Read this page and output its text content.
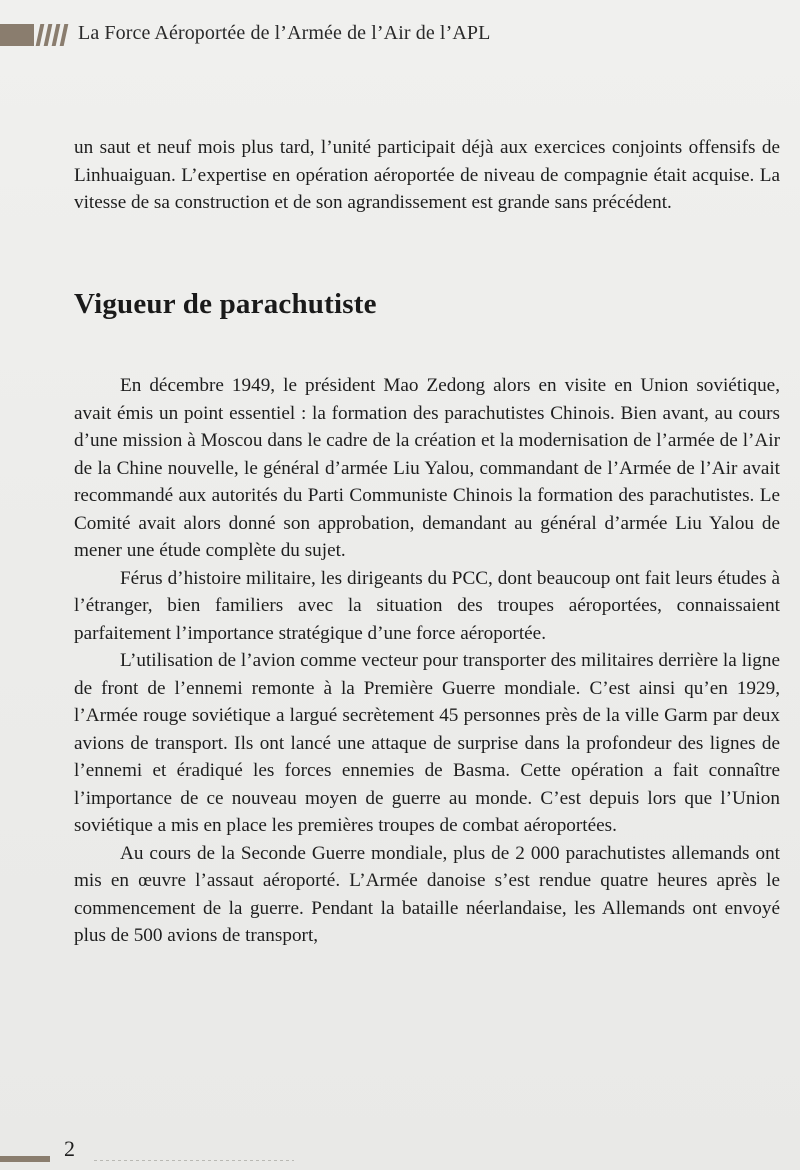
La Force Aéroportée de l’Armée de l’Air de l’APL

un saut et neuf mois plus tard, l’unité participait déjà aux exercices conjoints offensifs de Linhuaiguan. L’expertise en opération aéroportée de niveau de compagnie était acquise. La vitesse de sa construction et de son agrandissement est grande sans précédent.

Vigueur de parachutiste

En décembre 1949, le président Mao Zedong alors en visite en Union soviétique, avait émis un point essentiel : la formation des parachutistes Chinois. Bien avant, au cours d’une mission à Moscou dans le cadre de la création et la modernisation de l’armée de l’Air de la Chine nouvelle, le général d’armée Liu Yalou, commandant de l’Armée de l’Air avait recommandé aux autorités du Parti Communiste Chinois la formation des parachutistes. Le Comité avait alors donné son approbation, demandant au général d’armée Liu Yalou de mener une étude complète du sujet.

Férus d’histoire militaire, les dirigeants du PCC, dont beaucoup ont fait leurs études à l’étranger, bien familiers avec la situation des troupes aéroportées, connaissaient parfaitement l’importance stratégique d’une force aéroportée.

L’utilisation de l’avion comme vecteur pour transporter des militaires derrière la ligne de front de l’ennemi remonte à la Première Guerre mondiale. C’est ainsi qu’en 1929, l’Armée rouge soviétique a largué secrètement 45 personnes près de la ville Garm par deux avions de transport. Ils ont lancé une attaque de surprise dans la profondeur des lignes de l’ennemi et éradiqué les forces ennemies de Basma. Cette opération a fait connaître l’importance de ce nouveau moyen de guerre au monde. C’est depuis lors que l’Union soviétique a mis en place les premières troupes de combat aéroportées.

Au cours de la Seconde Guerre mondiale, plus de 2 000 parachutistes allemands ont mis en œuvre l’assaut aéroporté. L’Armée danoise s’est rendue quatre heures après le commencement de la guerre. Pendant la bataille néerlandaise, les Allemands ont envoyé plus de 500 avions de transport,

2
